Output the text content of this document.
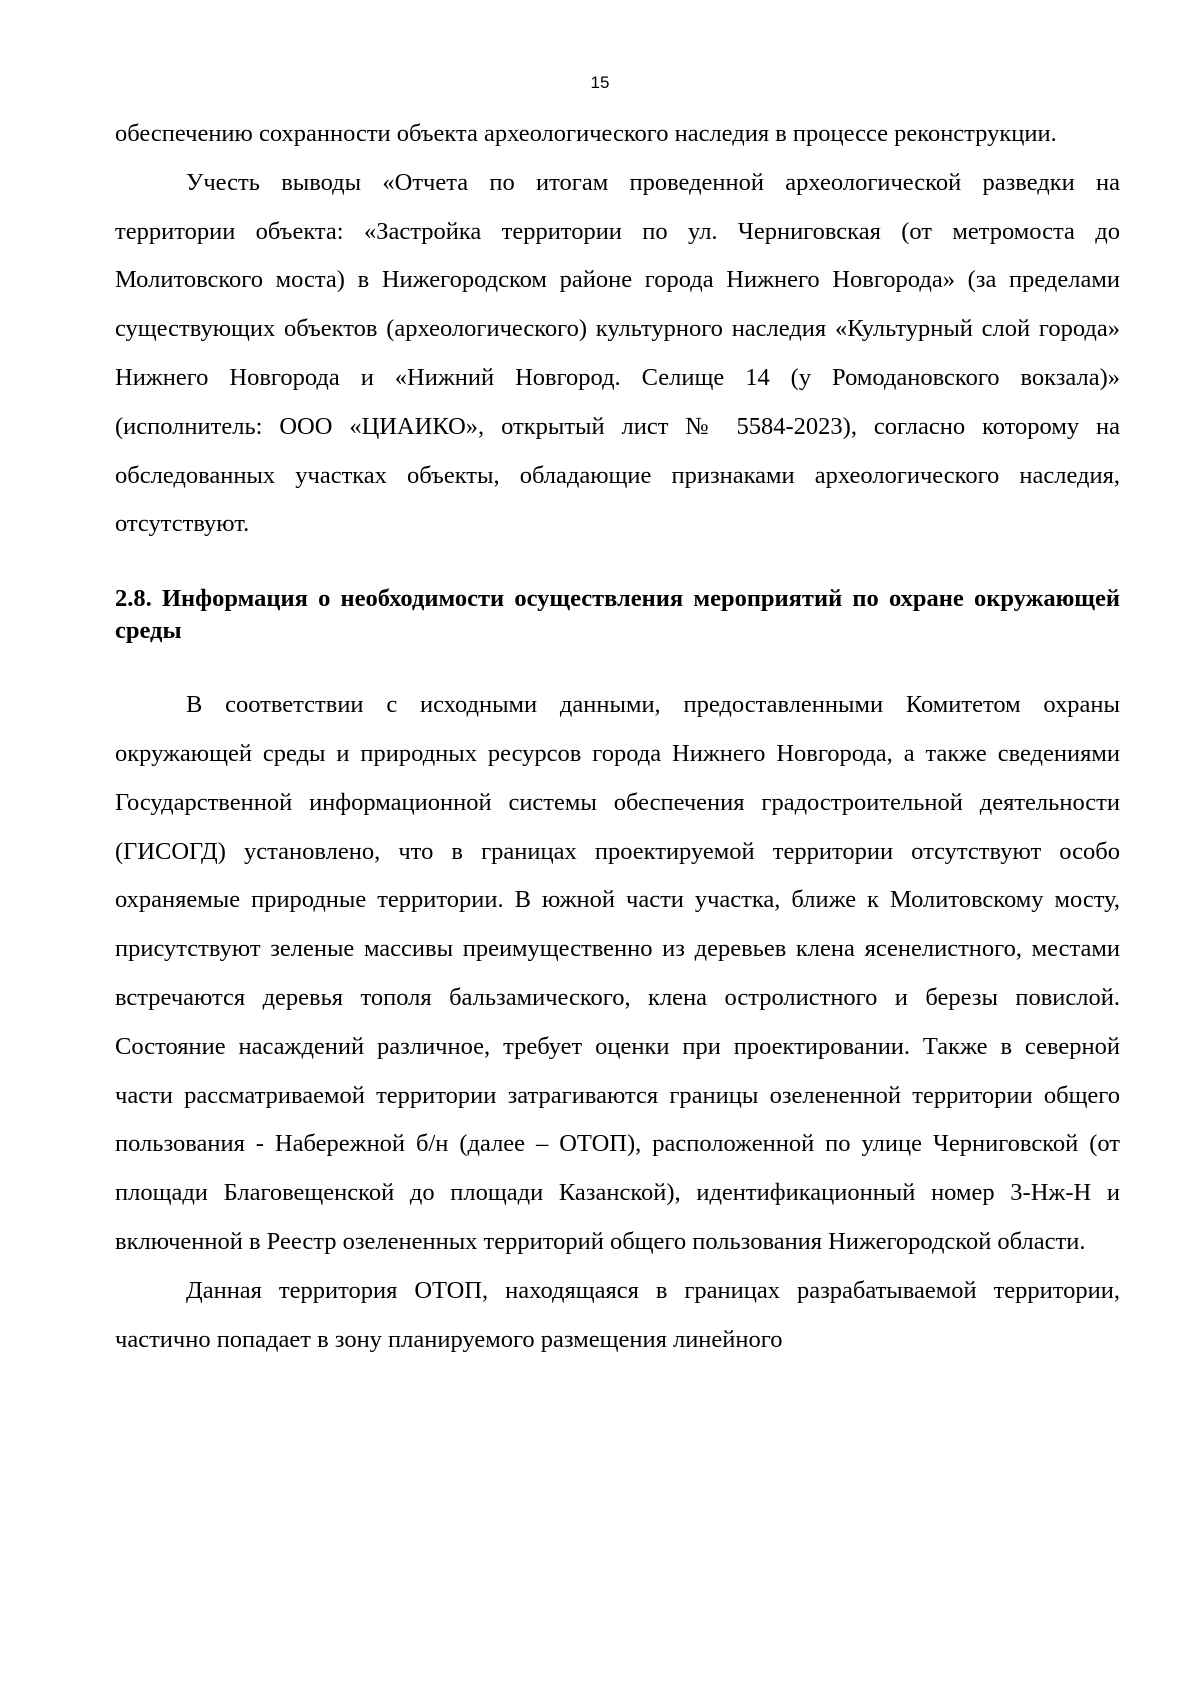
15

обеспечению сохранности объекта археологического наследия в процессе реконструкции.

Учесть выводы «Отчета по итогам проведенной археологической разведки на территории объекта: «Застройка территории по ул. Черниговская (от метромоста до Молитовского моста) в Нижегородском районе города Нижнего Новгорода» (за пределами существующих объектов (археологического) культурного наследия «Культурный слой города» Нижнего Новгорода и «Нижний Новгород. Селище 14 (у Ромодановского вокзала)» (исполнитель: ООО «ЦИАИКО», открытый лист № 5584-2023), согласно которому на обследованных участках объекты, обладающие признаками археологического наследия, отсутствуют.

2.8. Информация о необходимости осуществления мероприятий по охране окружающей среды

В соответствии с исходными данными, предоставленными Комитетом охраны окружающей среды и природных ресурсов города Нижнего Новгорода, а также сведениями Государственной информационной системы обеспечения градостроительной деятельности (ГИСОГД) установлено, что в границах проектируемой территории отсутствуют особо охраняемые природные территории. В южной части участка, ближе к Молитовскому мосту, присутствуют зеленые массивы преимущественно из деревьев клена ясенелистного, местами встречаются деревья тополя бальзамического, клена остролистного и березы повислой. Состояние насаждений различное, требует оценки при проектировании. Также в северной части рассматриваемой территории затрагиваются границы озелененной территории общего пользования - Набережной б/н (далее – ОТОП), расположенной по улице Черниговской (от площади Благовещенской до площади Казанской), идентификационный номер 3-Нж-Н и включенной в Реестр озелененных территорий общего пользования Нижегородской области.

Данная территория ОТОП, находящаяся в границах разрабатываемой территории, частично попадает в зону планируемого размещения линейного
